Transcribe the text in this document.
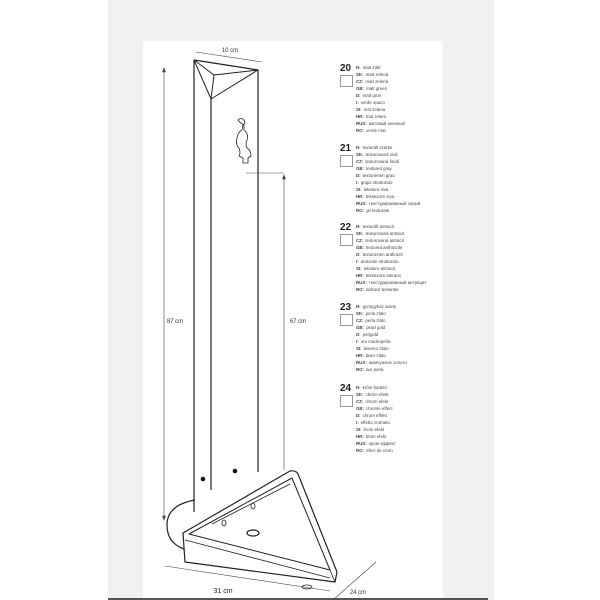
10 cm
87 cm	67 cm
31 cm	24 cm
20 H: matt zöld
SK: matt zelená
CZ: matt zelená
GB: matt green
D: matt grün
I: verde opaco
SI: mat zelena
HR: mat zeleni
RUS: матовый зеленый
RO: verde mat
21 H: texturált szürke
SK: texturovaná sivá
CZ: texturovaná šedá
GB: textured gray
D: texturierten grau
I: grigio strutturato
SI: teksturo siva
HR: teksturom siva
RUS: текстурированный серый
RO: gri texturate
22 H: texturált antracit
SK: texturovaná antracit
CZ: texturovaná antracit
GB: textured anthracite
D: texturierten anthrazit
I: antracite strutturato
SI: teksturo antracit
HR: teksturom antracit
RUS: текстурированный антрацит
RO: antracit texturate
23 H: gyöngyház arany
SK: perla zlato
CZ: perla zlato
GB: pearl gold
D: perlgold
I: oro madreperla
SI: biserno zlato
HR: biser zlato
RUS: жемчужное золото
RO: aur perla
24 H: króm hatású
SK: chróm efekt
CZ: chrom efekt
GB: chrome effect
D: chrom effekt
I: effetto cromato
SI: krom efekt
HR: krom efekt
RUS: хром эффект
RO: efect de crom
